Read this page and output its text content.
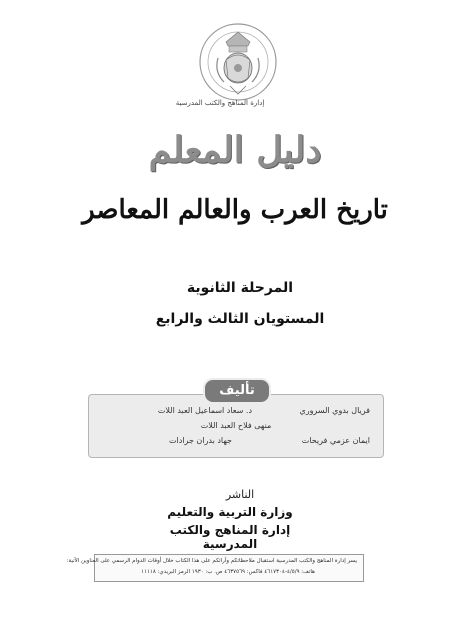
إدارة المناهج والكتب المدرسية
دليل المعلم
تاريخ العرب والعالم المعاصر
المرحلة الثانوية
المستويان الثالث والرابع
تأليف
فريال بدوي السروري
د. سعاد اسماعيل العبد اللات
منهى فلاح العبد اللات
ايمان عزمي فريحات
جهاد بدران جرادات
الناشر
وزارة التربية والتعليم
إدارة المناهج والكتب المدرسية
يسر إدارة المناهج والكتب المدرسية استقبال ملاحظاتكم وآرائكم على هذا الكتاب خلال أوقات الدوام الرسمي على العناوين الآتية:
هاتف: ٤/٥/٩-٤٦١٧٣٠٤ فاكس: ٤٦٣٧٥٦٩ ص. ب: ١٩٣٠ الرمز البريدي: ١١١١٨
